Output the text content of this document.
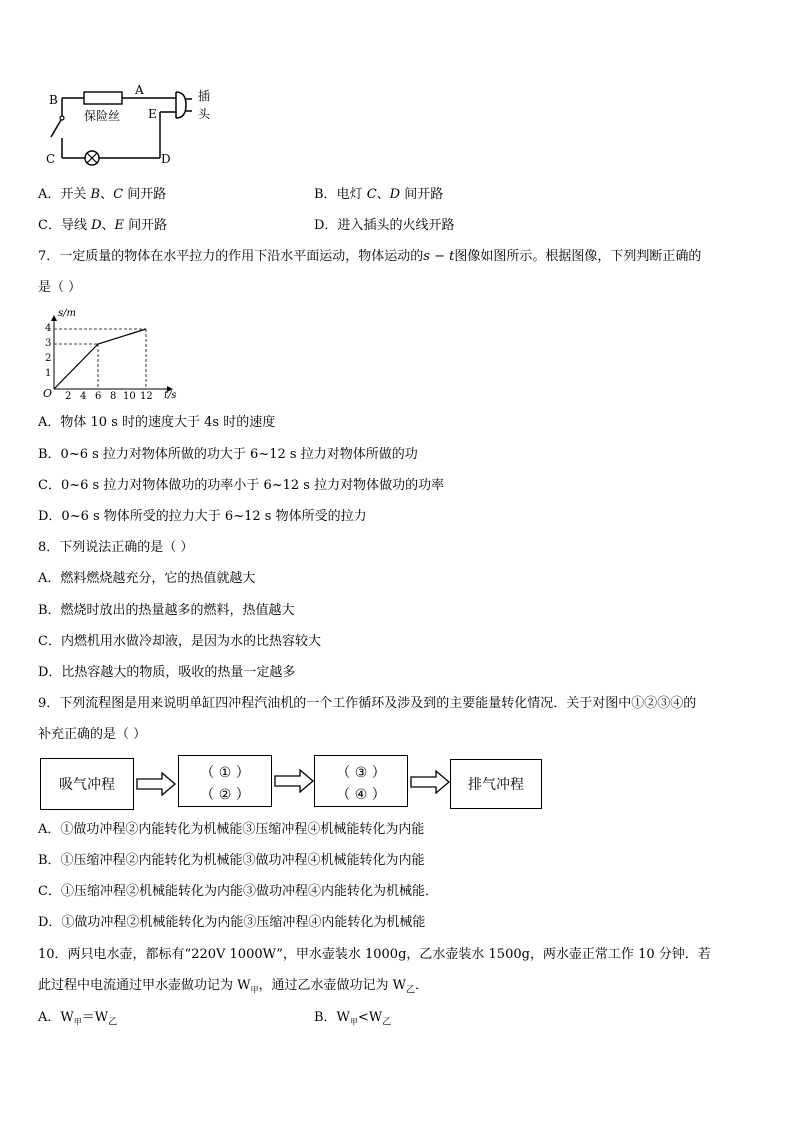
B
A
E
C	D
保险丝
插
头
A．开关 B、C 间开路	B．电灯 C、D 间开路
C．导线 D、E 间开路	D．进入插头的火线开路
7．一定质量的物体在水平拉力的作用下沿水平面运动，物体运动的s − t图像如图所示。根据图像，下列判断正确的
是（ ）
s/m
t/s
O
1
2
3
4
2 4 6 8 10 12
A．物体 10 s 时的速度大于 4s 时的速度
B．0~6 s 拉力对物体所做的功大于 6~12 s 拉力对物体所做的功
C．0~6 s 拉力对物体做功的功率小于 6~12 s 拉力对物体做功的功率
D．0~6 s 物体所受的拉力大于 6~12 s 物体所受的拉力
8．下列说法正确的是（ ）
A．燃料燃烧越充分，它的热值就越大
B．燃烧时放出的热量越多的燃料，热值越大
C．内燃机用水做冷却液，是因为水的比热容较大
D．比热容越大的物质，吸收的热量一定越多
9．下列流程图是用来说明单缸四冲程汽油机的一个工作循环及涉及到的主要能量转化情况．关于对图中①②③④的
补充正确的是（ ）
吸气冲程
（ ① ）
（ ② ）
（ ③ ）
（ ④ ）
排气冲程
A．①做功冲程②内能转化为机械能③压缩冲程④机械能转化为内能
B．①压缩冲程②内能转化为机械能③做功冲程④机械能转化为内能
C．①压缩冲程②机械能转化为内能③做功冲程④内能转化为机械能．
D．①做功冲程②机械能转化为内能③压缩冲程④内能转化为机械能
10．两只电水壶，都标有“220V 1000W”，甲水壶装水 1000g，乙水壶装水 1500g，两水壶正常工作 10 分钟．若
此过程中电流通过甲水壶做功记为 $W_甲$，通过乙水壶做功记为 $W_乙$．
A．$W_甲=W_乙$	B．$W_甲<W_乙$
